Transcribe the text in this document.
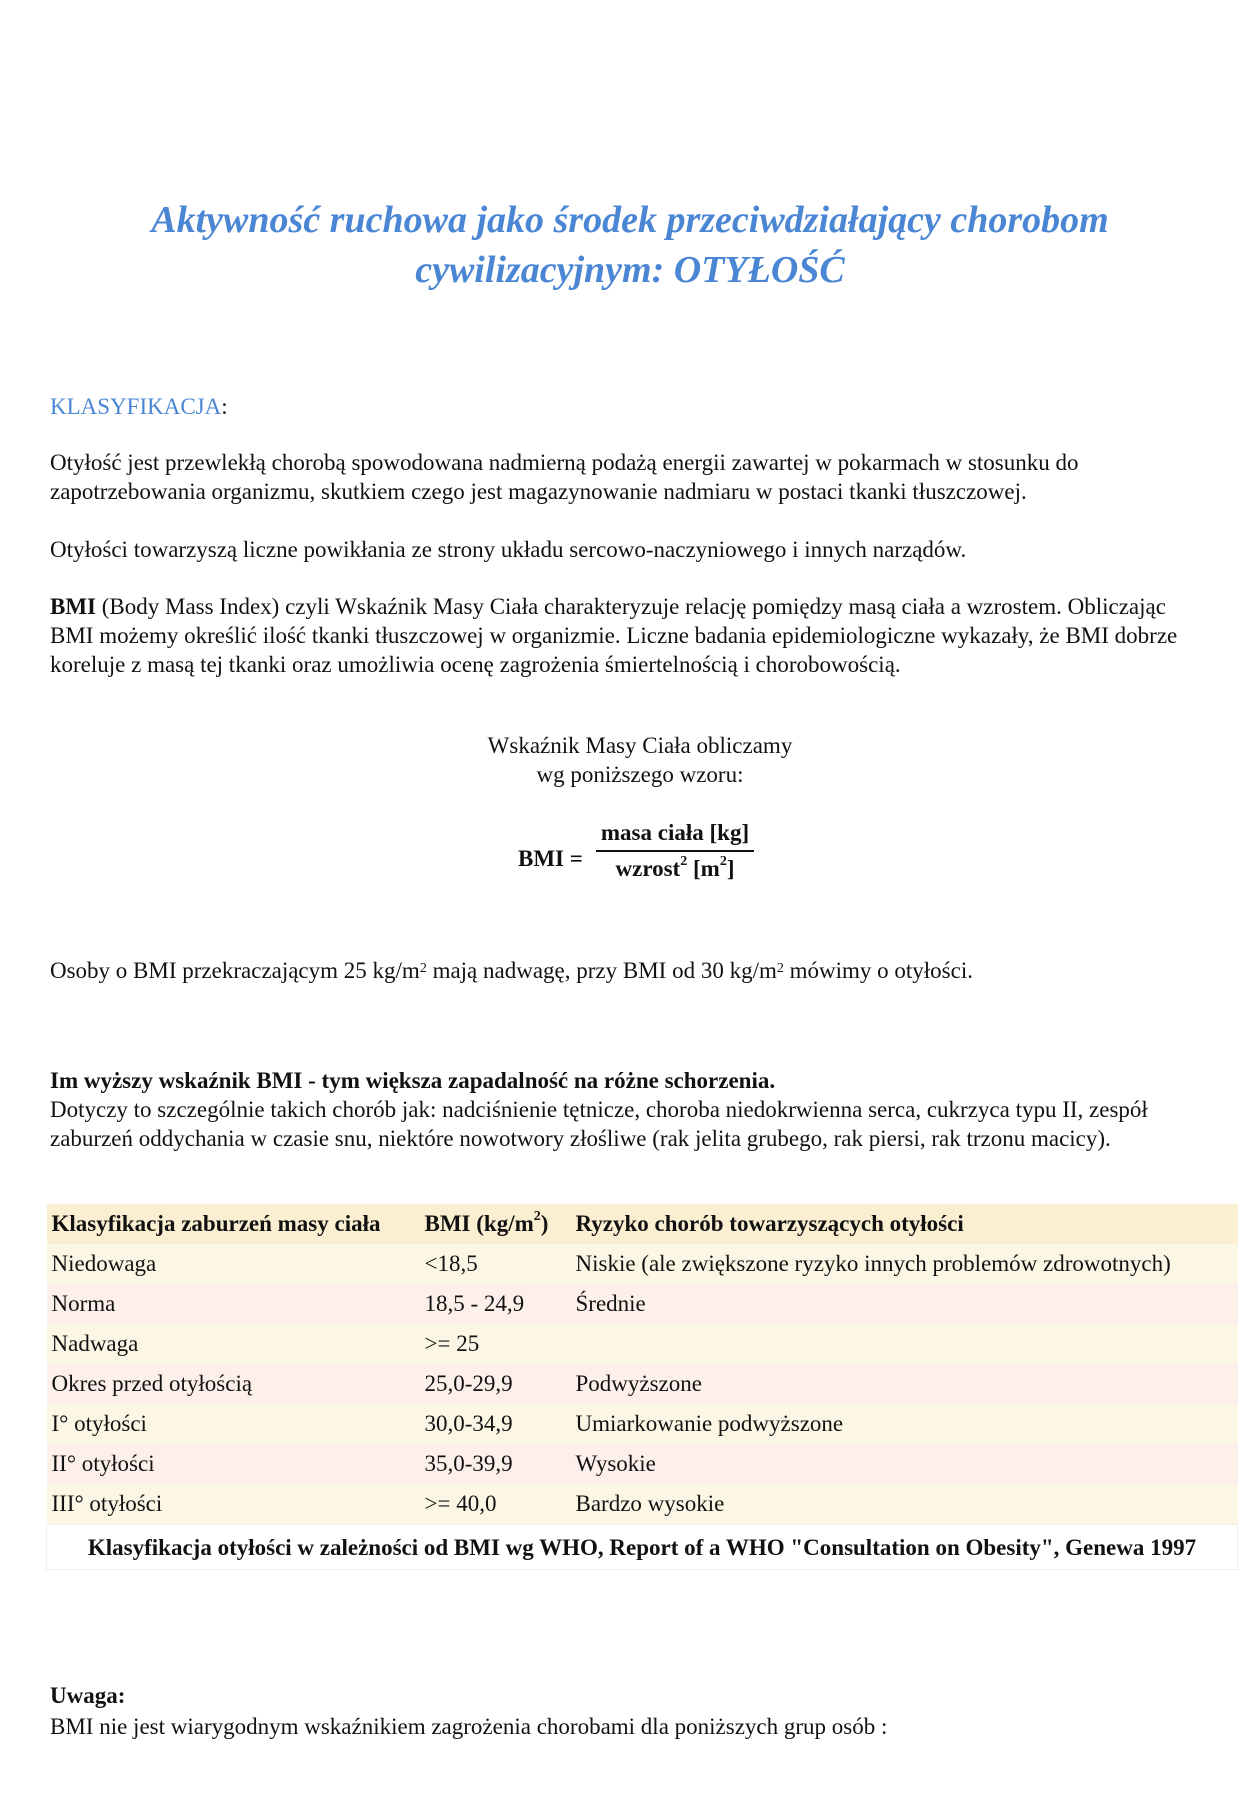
Aktywność ruchowa jako środek przeciwdziałający chorobom cywilizacyjnym: OTYŁOŚĆ
KLASYFIKACJA:
Otyłość jest przewlekłą chorobą spowodowana nadmierną podażą energii zawartej w pokarmach w stosunku do zapotrzebowania organizmu, skutkiem czego jest magazynowanie nadmiaru w postaci tkanki tłuszczowej.
Otyłości towarzyszą liczne powikłania ze strony układu sercowo-naczyniowego i innych narządów.
BMI (Body Mass Index) czyli Wskaźnik Masy Ciała charakteryzuje relację pomiędzy masą ciała a wzrostem. Obliczając BMI możemy określić ilość tkanki tłuszczowej w organizmie. Liczne badania epidemiologiczne wykazały, że BMI dobrze koreluje z masą tej tkanki oraz umożliwia ocenę zagrożenia śmiertelnością i chorobowością.
Wskaźnik Masy Ciała obliczamy
wg poniższego wzoru:
BMI =
masa ciała [kg]
wzrost$^2$ $[m^2]$
Osoby o BMI przekraczającym 25 $kg/m^2$ mają nadwagę, przy BMI od 30 $kg/m^2$ mówimy o otyłości.
Im wyższy wskaźnik BMI - tym większa zapadalność na różne schorzenia.
Dotyczy to szczególnie takich chorób jak: nadciśnienie tętnicze, choroba niedokrwienna serca, cukrzyca typu II, zespół zaburzeń oddychania w czasie snu, niektóre nowotwory złośliwe (rak jelita grubego, rak piersi, rak trzonu macicy).
Klasyfikacja zaburzeń masy ciała	BMI $(kg/m^2)$	Ryzyko chorób towarzyszących otyłości
Niedowaga	<18,5	Niskie (ale zwiększone ryzyko innych problemów zdrowotnych)
Norma	18,5 - 24,9	Średnie
Nadwaga	>= 25	
Okres przed otyłością	25,0-29,9	Podwyższone
I° otyłości	30,0-34,9	Umiarkowanie podwyższone
II° otyłości	35,0-39,9	Wysokie
III° otyłości	>= 40,0	Bardzo wysokie
Klasyfikacja otyłości w zależności od BMI wg WHO, Report of a WHO "Consultation on Obesity", Genewa 1997		
Uwaga:
BMI nie jest wiarygodnym wskaźnikiem zagrożenia chorobami dla poniższych grup osób :
